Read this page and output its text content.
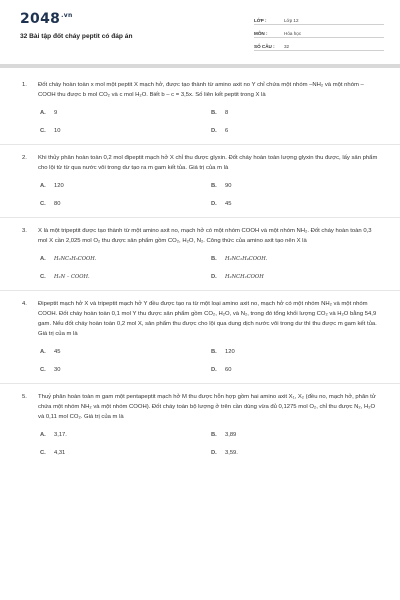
$2048^{.vn}$
32 Bài tập đốt cháy peptit có đáp án
LỚP :	Lớp 12
MÔN :	Hóa học
SỐ CÂU :	32
1. Đốt cháy hoàn toàn x mol một peptit X mạch hở, được tạo thành từ amino axit no Y chỉ chứa một nhóm –NH₂ và một nhóm –COOH thu được b mol CO₂ và c mol H₂O. Biết b – c = 3,5x. Số liên kết peptit trong X là
A.	9	B.	8
C.	10	D.	6
2. Khi thủy phân hoàn toàn 0,2 mol đipeptit mạch hở X chỉ thu được glyxin. Đốt cháy hoàn toàn lượng glyxin thu được, lấy sản phẩm cho lội từ từ qua nước vôi trong dư tạo ra m gam kết tủa. Giá trị của m là
A.	120	B.	90
C.	80	D.	45
3. X là một tripeptit được tạo thành từ một amino axit no, mạch hở có một nhóm COOH và một nhóm NH₂. Đốt cháy hoàn toàn 0,3 mol X cần 2,025 mol O₂ thu được sản phẩm gồm CO₂, H₂O, N₂. Công thức của amino axit tạo nên X là
A.	H₂NC₃H₆COOH.	B.	H₂NC₂H₄COOH.
C.	H₂N – COOH.	D.	H₂NCH₂COOH
4. Đipeptit mạch hở X và tripeptit mạch hở Y đều được tạo ra từ một loại amino axit no, mạch hở có một nhóm NH₂ và một nhóm COOH. Đốt cháy hoàn toàn 0,1 mol Y thu được sản phẩm gồm CO₂, H₂O, và N₂, trong đó tổng khối lượng CO₂ và H₂O bằng 54,9 gam. Nếu đốt cháy hoàn toàn 0,2 mol X, sản phẩm thu được cho lội qua dung dịch nước vôi trong dư thì thu được m gam kết tủa. Giá trị của m là
A.	45	B.	120
C.	30	D.	60
5. Thuỷ phân hoàn toàn m gam một pentapeptit mạch hở M thu được hỗn hợp gồm hai amino axit X₁, X₂ (đều no, mạch hở, phân tử chứa một nhóm NH₂ và một nhóm COOH). Đốt cháy toàn bộ lượng ở trên cần dùng vừa đủ 0,1275 mol O₂, chỉ thu được N₂, H₂O và 0,11 mol CO₂. Giá trị của m là
A.	3,17.	B.	3,89
C.	4,31	D.	3,59.
